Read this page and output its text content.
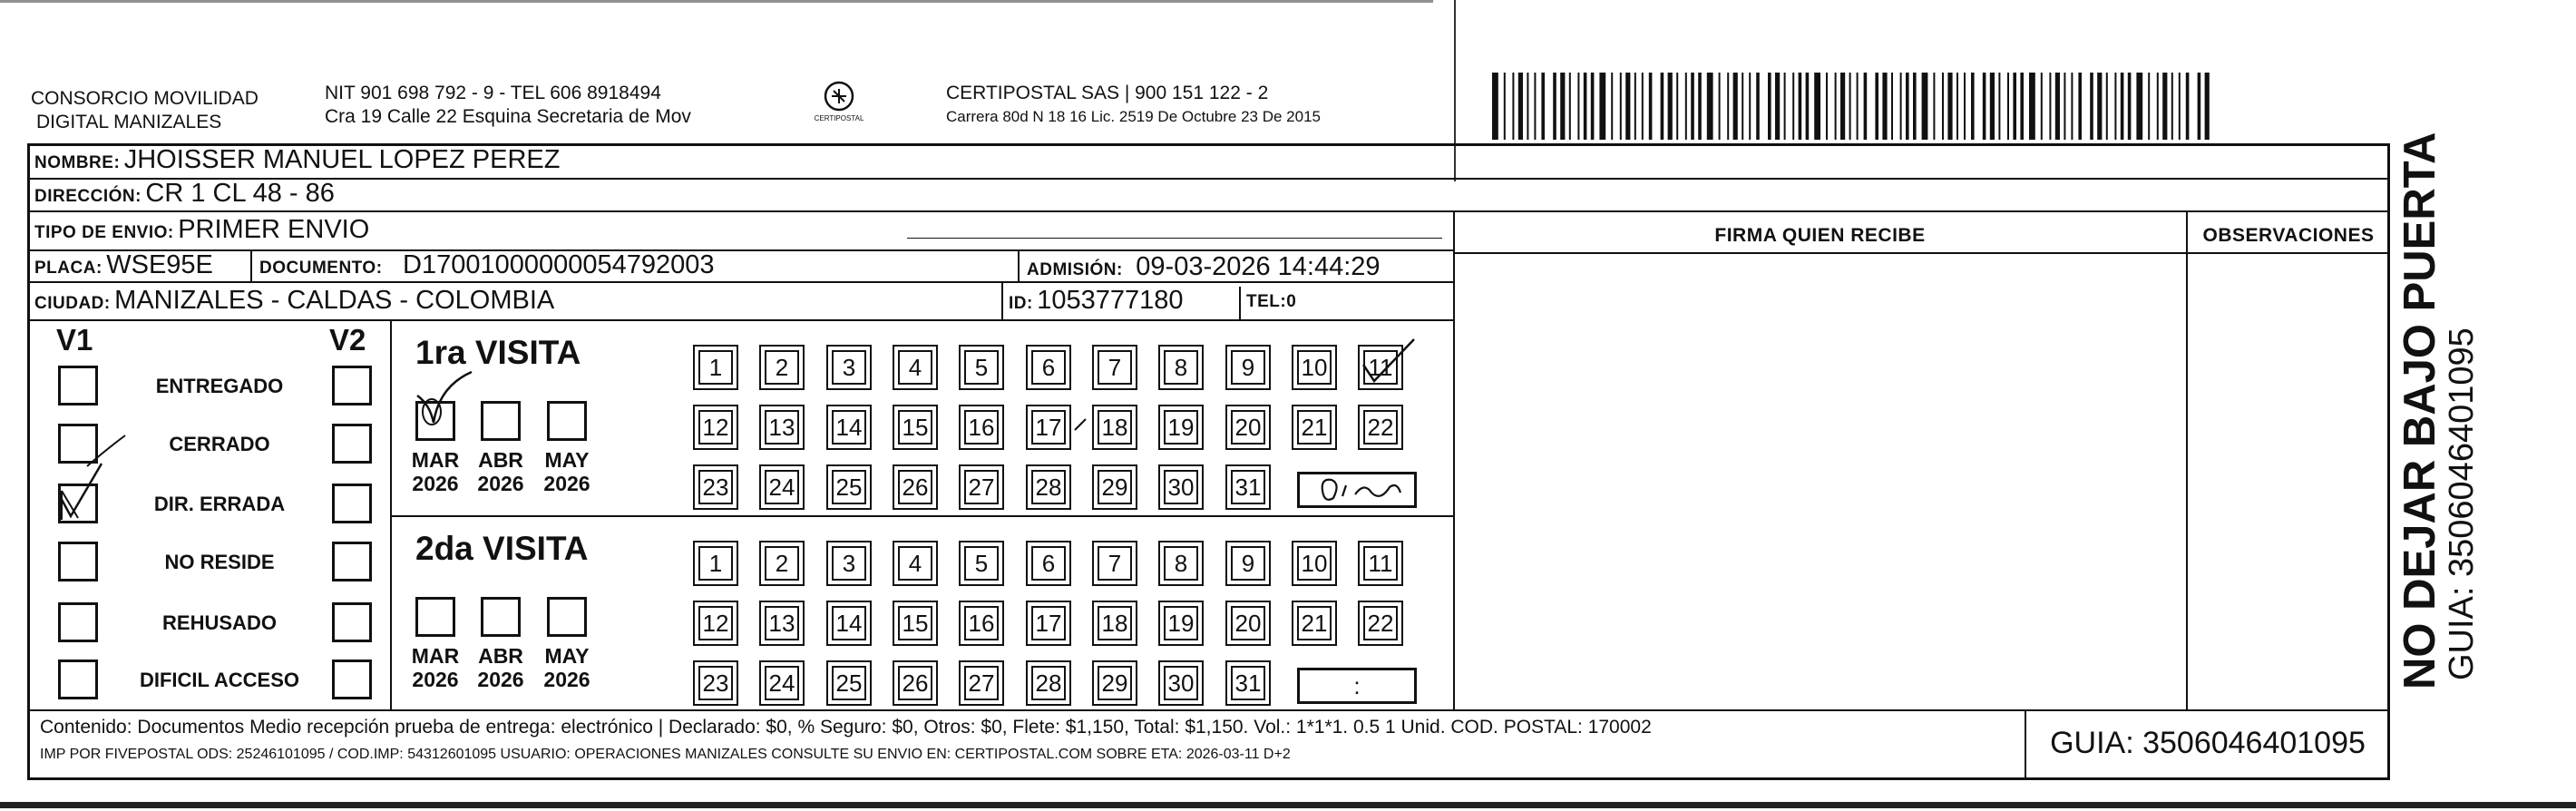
CONSORCIO MOVILIDAD
DIGITAL MANIZALES
NIT 901 698 792 - 9 - TEL 606 8918494
Cra 19 Calle 22 Esquina Secretaria de Mov	CERTIPOSTAL
CERTIPOSTAL SAS | 900 151 122 - 2
Carrera 80d N 18 16 Lic. 2519 De Octubre 23 De 2015
NOMBRE: JHOISSER MANUEL LOPEZ PEREZ
DIRECCIÓN: CR 1 CL 48 - 86
TIPO DE ENVIO: PRIMER ENVIO
PLACA: WSE95E	DOCUMENTO: D17001000000054792003	ADMISIÓN: 09-03-2026 14:44:29
CIUDAD: MANIZALES - CALDAS - COLOMBIA	ID: 1053777180	TEL:0
FIRMA QUIEN RECIBE	OBSERVACIONES
V1	V2
ENTREGADO
CERRADO
DIR. ERRADA
NO RESIDE
REHUSADO
DIFICIL ACCESO
1ra VISITA
MAR
2026
ABR
2026
MAY
2026
1	2	3	4	5	6	7	8	9	10 11
12 13 14 15 16 17 18 19 20 21 22
23 24 25 26 27 28 29 30 31
2da VISITA
MAR
2026
ABR
2026
MAY
2026
1	2	3	4	5	6	7	8	9	10 11
12 13 14 15 16 17 18 19 20 21 22
23 24 25 26 27 28 29 30 31	:
Contenido: Documentos Medio recepción prueba de entrega: electrónico | Declarado: $0, % Seguro: $0, Otros: $0, Flete: $1,150, Total: $1,150. Vol.: 1*1*1. 0.5 1 Unid. COD. POSTAL: 170002
IMP POR FIVEPOSTAL ODS: 25246101095 / COD.IMP: 54312601095 USUARIO: OPERACIONES MANIZALES CONSULTE SU ENVIO EN: CERTIPOSTAL.COM SOBRE ETA: 2026-03-11 D+2	GUIA: 3506046401095
NO DEJAR BAJO PUERTA
GUIA: 3506046401095
